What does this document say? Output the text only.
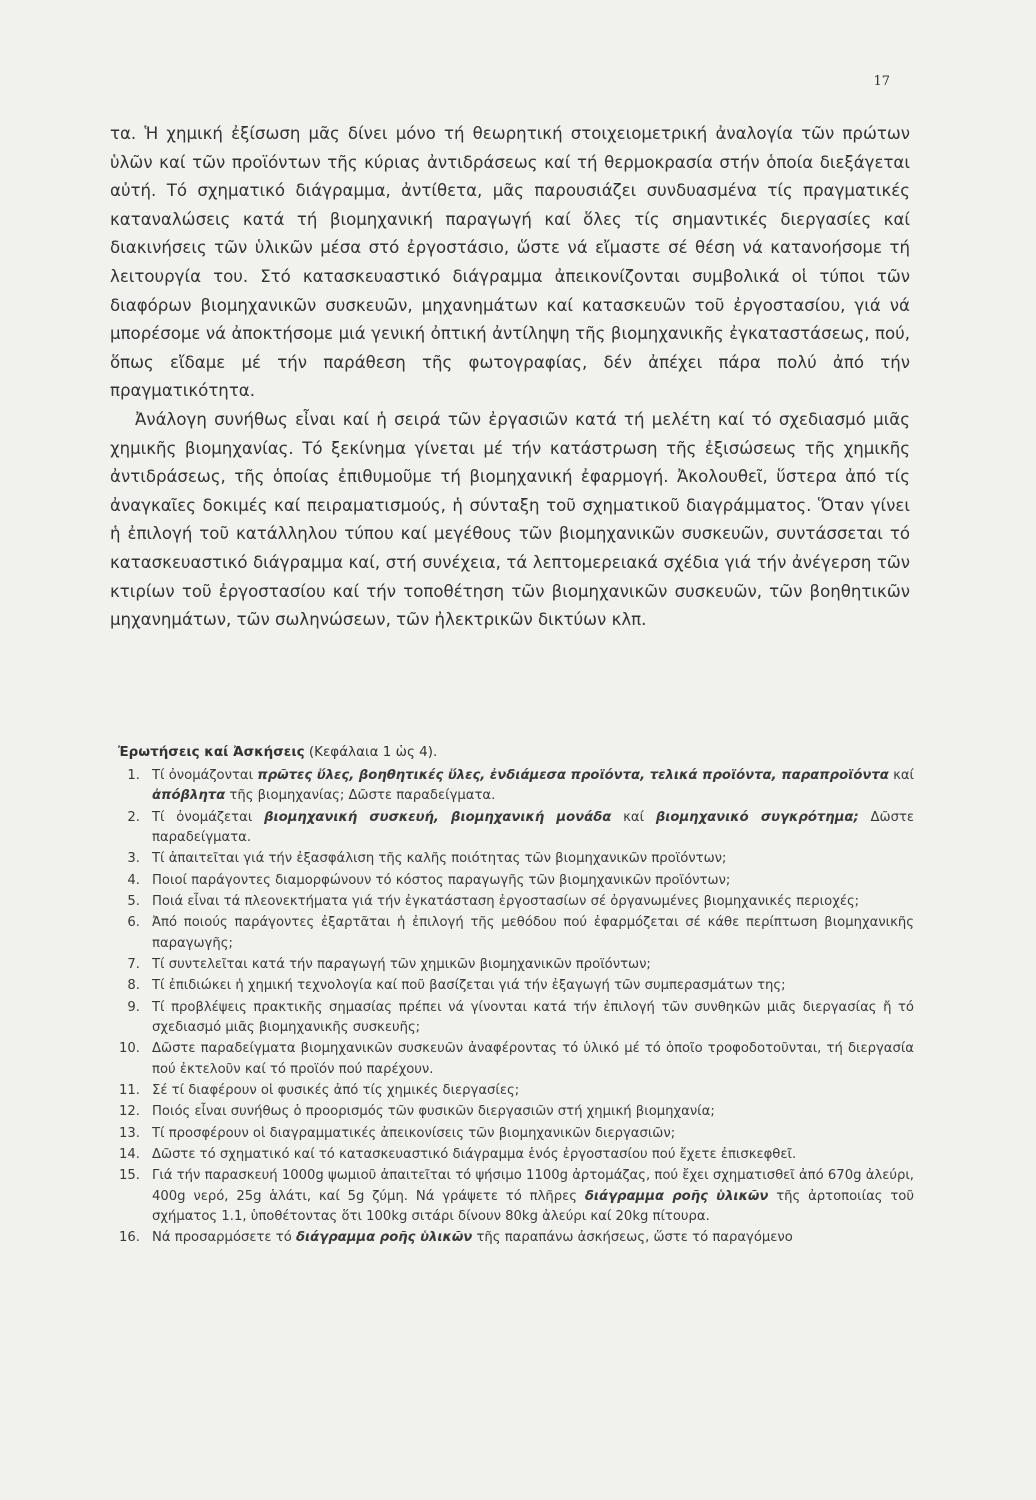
17

τα. Ἡ χημική ἐξίσωση μᾶς δίνει μόνο τή θεωρητική στοιχειομετρική ἀναλογία τῶν πρώτων ὑλῶν καί τῶν προϊόντων τῆς κύριας ἀντιδράσεως καί τή θερμοκρασία στήν ὁποία διεξάγεται αὐτή. Τό σχηματικό διάγραμμα, ἀντίθετα, μᾶς παρουσιάζει συνδυασμένα τίς πραγματικές καταναλώσεις κατά τή βιομηχανική παραγωγή καί ὅλες τίς σημαντικές διεργασίες καί διακινήσεις τῶν ὑλικῶν μέσα στό ἐργοστάσιο, ὥστε νά εἴμαστε σέ θέση νά κατανοήσομε τή λειτουργία του. Στό κατασκευαστικό διάγραμμα ἀπεικονίζονται συμβολικά οἱ τύποι τῶν διαφόρων βιομηχανικῶν συσκευῶν, μηχανημάτων καί κατασκευῶν τοῦ ἐργοστασίου, γιά νά μπορέσομε νά ἀποκτήσομε μιά γενική ὀπτική ἀντίληψη τῆς βιομηχανικῆς ἐγκαταστάσεως, πού, ὅπως εἴδαμε μέ τήν παράθεση τῆς φωτογραφίας, δέν ἀπέχει πάρα πολύ ἀπό τήν πραγματικότητα.

Ἀνάλογη συνήθως εἶναι καί ἡ σειρά τῶν ἐργασιῶν κατά τή μελέτη καί τό σχεδιασμό μιᾶς χημικῆς βιομηχανίας. Τό ξεκίνημα γίνεται μέ τήν κατάστρωση τῆς ἐξισώσεως τῆς χημικῆς ἀντιδράσεως, τῆς ὁποίας ἐπιθυμοῦμε τή βιομηχανική ἐφαρμογή. Ἀκολουθεῖ, ὕστερα ἀπό τίς ἀναγκαῖες δοκιμές καί πειραματισμούς, ἡ σύνταξη τοῦ σχηματικοῦ διαγράμματος. Ὅταν γίνει ἡ ἐπιλογή τοῦ κατάλληλου τύπου καί μεγέθους τῶν βιομηχανικῶν συσκευῶν, συντάσσεται τό κατασκευαστικό διάγραμμα καί, στή συνέχεια, τά λεπτομερειακά σχέδια γιά τήν ἀνέγερση τῶν κτιρίων τοῦ ἐργοστασίου καί τήν τοποθέτηση τῶν βιομηχανικῶν συσκευῶν, τῶν βοηθητικῶν μηχανημάτων, τῶν σωληνώσεων, τῶν ἠλεκτρικῶν δικτύων κλπ.

Ἐρωτήσεις καί Ἀσκήσεις (Κεφάλαια 1 ὡς 4).
1. Τί ὀνομάζονται πρῶτες ὕλες, βοηθητικές ὕλες, ἐνδιάμεσα προϊόντα, τελικά προϊόντα, παραπροϊόντα καί ἀπόβλητα τῆς βιομηχανίας; Δῶστε παραδείγματα.
2. Τί ὀνομάζεται βιομηχανική συσκευή, βιομηχανική μονάδα καί βιομηχανικό συγκρότημα; Δῶστε παραδείγματα.
3. Τί ἀπαιτεῖται γιά τήν ἐξασφάλιση τῆς καλῆς ποιότητας τῶν βιομηχανικῶν προϊόντων;
4. Ποιοί παράγοντες διαμορφώνουν τό κόστος παραγωγῆς τῶν βιομηχανικῶν προϊόντων;
5. Ποιά εἶναι τά πλεονεκτήματα γιά τήν ἐγκατάσταση ἐργοστασίων σέ ὀργανωμένες βιομηχανικές περιοχές;
6. Ἀπό ποιούς παράγοντες ἐξαρτᾶται ἡ ἐπιλογή τῆς μεθόδου πού ἐφαρμόζεται σέ κάθε περίπτωση βιομηχανικῆς παραγωγῆς;
7. Τί συντελεῖται κατά τήν παραγωγή τῶν χημικῶν βιομηχανικῶν προϊόντων;
8. Τί ἐπιδιώκει ἡ χημική τεχνολογία καί ποῦ βασίζεται γιά τήν ἐξαγωγή τῶν συμπερασμάτων της;
9. Τί προβλέψεις πρακτικῆς σημασίας πρέπει νά γίνονται κατά τήν ἐπιλογή τῶν συνθηκῶν μιᾶς διεργασίας ἤ τό σχεδιασμό μιᾶς βιομηχανικῆς συσκευῆς;
10. Δῶστε παραδείγματα βιομηχανικῶν συσκευῶν ἀναφέροντας τό ὑλικό μέ τό ὁποῖο τροφοδοτοῦνται, τή διεργασία πού ἐκτελοῦν καί τό προϊόν πού παρέχουν.
11. Σέ τί διαφέρουν οἱ φυσικές ἀπό τίς χημικές διεργασίες;
12. Ποιός εἶναι συνήθως ὁ προορισμός τῶν φυσικῶν διεργασιῶν στή χημική βιομηχανία;
13. Τί προσφέρουν οἱ διαγραμματικές ἀπεικονίσεις τῶν βιομηχανικῶν διεργασιῶν;
14. Δῶστε τό σχηματικό καί τό κατασκευαστικό διάγραμμα ἑνός ἐργοστασίου πού ἔχετε ἐπισκεφθεῖ.
15. Γιά τήν παρασκευή 1000g ψωμιοῦ ἀπαιτεῖται τό ψήσιμο 1100g ἀρτομάζας, πού ἔχει σχηματισθεῖ ἀπό 670g ἀλεύρι, 400g νερό, 25g ἁλάτι, καί 5g ζύμη. Νά γράψετε τό πλῆρες διάγραμμα ροῆς ὑλικῶν τῆς ἀρτοποιίας τοῦ σχήματος 1.1, ὑποθέτοντας ὅτι 100kg σιτάρι δίνουν 80kg ἀλεύρι καί 20kg πίτουρα.
16. Νά προσαρμόσετε τό διάγραμμα ροῆς ὑλικῶν τῆς παραπάνω ἀσκήσεως, ὥστε τό παραγόμενο
